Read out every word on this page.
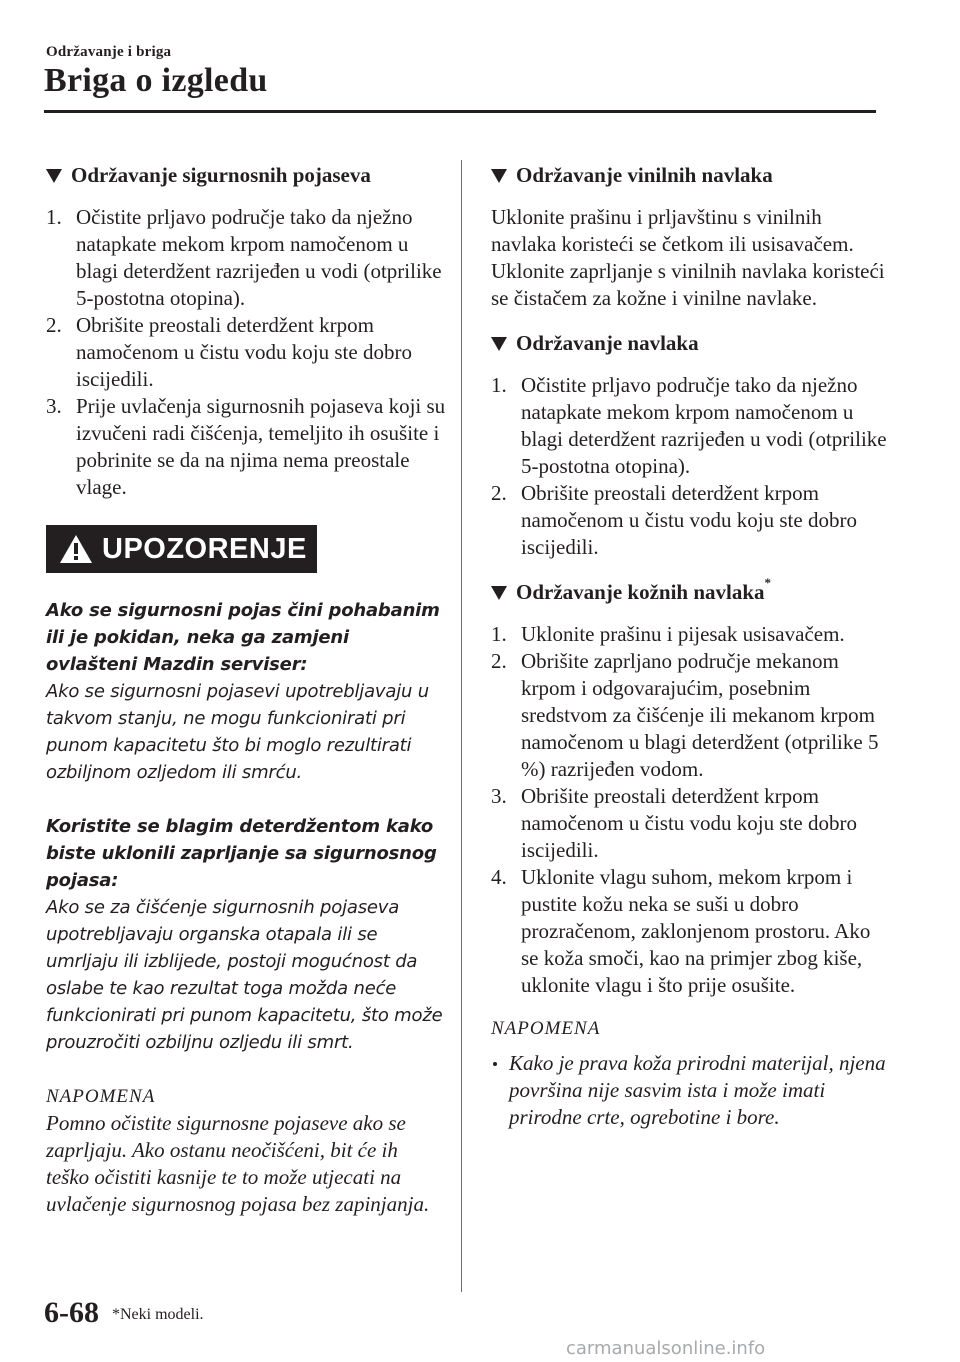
Održavanje i briga
Briga o izgledu
Održavanje sigurnosnih pojaseva
1. Očistite prljavo područje tako da nježno natapkate mekom krpom namočenom u blagi deterdžent razrijeđen u vodi (otprilike 5-postotna otopina).
2. Obrišite preostali deterdžent krpom namočenom u čistu vodu koju ste dobro iscijedili.
3. Prije uvlačenja sigurnosnih pojaseva koji su izvučeni radi čišćenja, temeljito ih osušite i pobrinite se da na njima nema preostale vlage.
UPOZORENJE

Ako se sigurnosni pojas čini pohabanim ili je pokidan, neka ga zamjeni ovlašteni Mazdin serviser:

Ako se sigurnosni pojasevi upotrebljavaju u takvom stanju, ne mogu funkcionirati pri punom kapacitetu što bi moglo rezultirati ozbiljnom ozljedom ili smrću.

Koristite se blagim deterdžentom kako biste uklonili zaprljanje sa sigurnosnog pojasa:

Ako se za čišćenje sigurnosnih pojaseva upotrebljavaju organska otapala ili se umrljaju ili izblijede, postoji mogućnost da oslabe te kao rezultat toga možda neće funkcionirati pri punom kapacitetu, što može prouzročiti ozbiljnu ozljedu ili smrt.

NAPOMENA

Pomno očistite sigurnosne pojaseve ako se zaprljaju. Ako ostanu neočišćeni, bit će ih teško očistiti kasnije te to može utjecati na uvlačenje sigurnosnog pojasa bez zapinjanja.

Održavanje vinilnih navlaka

Uklonite prašinu i prljavštinu s vinilnih navlaka koristeći se četkom ili usisavačem.

Uklonite zaprljanje s vinilnih navlaka koristeći se čistačem za kožne i vinilne navlake.

Održavanje navlaka
1. Očistite prljavo područje tako da nježno natapkate mekom krpom namočenom u blagi deterdžent razrijeđen u vodi (otprilike 5-postotna otopina).
2. Obrišite preostali deterdžent krpom namočenom u čistu vodu koju ste dobro iscijedili.
Održavanje kožnih navlaka*
1. Uklonite prašinu i pijesak usisavačem.
2. Obrišite zaprljano područje mekanom krpom i odgovarajućim, posebnim sredstvom za čišćenje ili mekanom krpom namočenom u blagi deterdžent (otprilike 5 %) razrijeđen vodom.
3. Obrišite preostali deterdžent krpom namočenom u čistu vodu koju ste dobro iscijedili.
4. Uklonite vlagu suhom, mekom krpom i pustite kožu neka se suši u dobro prozračenom, zaklonjenom prostoru. Ako se koža smoči, kao na primjer zbog kiše, uklonite vlagu i što prije osušite.

NAPOMENA

Kako je prava koža prirodni materijal, njena površina nije sasvim ista i može imati prirodne crte, ogrebotine i bore.

6-68 *Neki modeli.
carmanualsonline.info
